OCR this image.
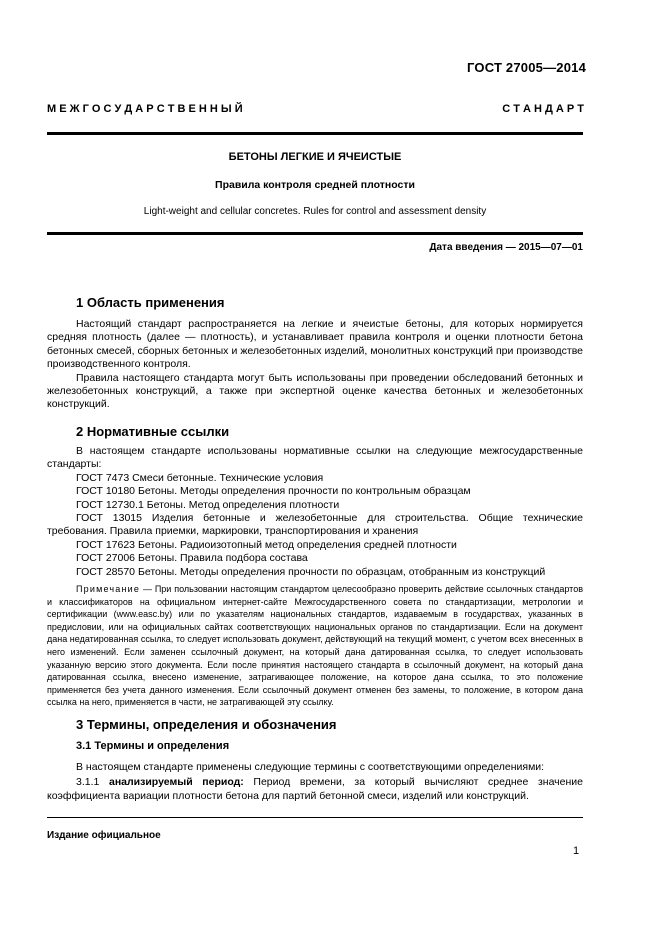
ГОСТ 27005—2014
М Е Ж Г О С У Д А Р С Т В Е Н Н Ы Й	С Т А Н Д А Р Т
БЕТОНЫ ЛЕГКИЕ И ЯЧЕИСТЫЕ
Правила контроля средней плотности
Light-weight and cellular concretes. Rules for control and assessment density
Дата введения — 2015—07—01
1 Область применения

Настоящий стандарт распространяется на легкие и ячеистые бетоны, для которых нормируется средняя плотность (далее — плотность), и устанавливает правила контроля и оценки плотности бетона бетонных смесей, сборных бетонных и железобетонных изделий, монолитных конструкций при производстве производственного контроля.

Правила настоящего стандарта могут быть использованы при проведении обследований бетонных и железобетонных конструкций, а также при экспертной оценке качества бетонных и железобетонных конструкций.

2 Нормативные ссылки
В настоящем стандарте использованы нормативные ссылки на следующие межгосударственные стандарты:
ГОСТ 7473 Смеси бетонные. Технические условия
ГОСТ 10180 Бетоны. Методы определения прочности по контрольным образцам
ГОСТ 12730.1 Бетоны. Метод определения плотности
ГОСТ 13015 Изделия бетонные и железобетонные для строительства. Общие технические требования. Правила приемки, маркировки, транспортирования и хранения
ГОСТ 17623 Бетоны. Радиоизотопный метод определения средней плотности
ГОСТ 27006 Бетоны. Правила подбора состава
ГОСТ 28570 Бетоны. Методы определения прочности по образцам, отобранным из конструкций

Примечание — При пользовании настоящим стандартом целесообразно проверить действие ссылочных стандартов и классификаторов на официальном интернет-сайте Межгосударственного совета по стандартизации, метрологии и сертификации (www.easc.by) или по указателям национальных стандартов, издаваемым в государствах, указанных в предисловии, или на официальных сайтах соответствующих национальных органов по стандартизации. Если на документ дана недатированная ссылка, то следует использовать документ, действующий на текущий момент, с учетом всех внесенных в него изменений. Если заменен ссылочный документ, на который дана датированная ссылка, то следует использовать указанную версию этого документа. Если после принятия настоящего стандарта в ссылочный документ, на который дана датированная ссылка, внесено изменение, затрагивающее положение, на которое дана ссылка, то это положение применяется без учета данного изменения. Если ссылочный документ отменен без замены, то положение, в котором дана ссылка на него, применяется в части, не затрагивающей эту ссылку.

3 Термины, определения и обозначения
3.1 Термины и определения

В настоящем стандарте применены следующие термины с соответствующими определениями:

3.1.1 анализируемый период: Период времени, за который вычисляют среднее значение коэффициента вариации плотности бетона для партий бетонной смеси, изделий или конструкций.

Издание официальное
1
